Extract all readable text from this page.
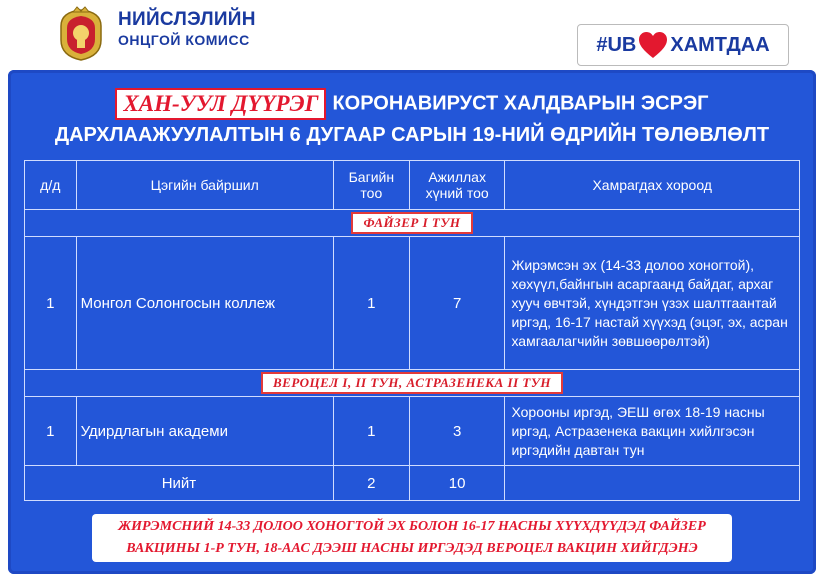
НИЙСЛЭЛИЙН
ОНЦГОЙ КОМИСС	#UB ХАМТДАА
ХАН-УУЛ ДҮҮРЭГ КОРОНАВИРУСТ ХАЛДВАРЫН ЭСРЭГ
ДАРХЛААЖУУЛАЛТЫН 6 ДУГААР САРЫН 19-НИЙ ӨДРИЙН ТӨЛӨВЛӨЛТ
д/д	Цэгийн байршил	Багийн тоо	Ажиллах хүний тоо	Хамрагдах хороод
ФАЙЗЕР I ТУН				
1	Монгол Солонгосын коллеж	1	7	Жирэмсэн эх (14-33 долоо хоногтой), хөхүүл,байнгын асаргаанд байдаг, архаг хууч өвчтэй, хүндэтгэн үзэх шалтгаантай иргэд, 16-17 настай хүүхэд (эцэг, эх, асран хамгаалагчийн зөвшөөрөлтэй)
ВЕРОЦЕЛ I, II ТУН, АСТРАЗЕНЕКА II ТУН				
1	Удирдлагын академи	1	3	Хорооны иргэд, ЭЕШ өгөх 18-19 насны иргэд, Астразенека вакцин хийлгэсэн иргэдийн давтан тун
Нийт		2	10	
ЖИРЭМСНИЙ 14-33 ДОЛОО ХОНОГТОЙ ЭХ БОЛОН 16-17 НАСНЫ ХҮҮХДҮҮДЭД ФАЙЗЕР
ВАКЦИНЫ 1-Р ТУН, 18-ААС ДЭЭШ НАСНЫ ИРГЭДЭД ВЕРОЦЕЛ ВАКЦИН ХИЙГДЭНЭ
